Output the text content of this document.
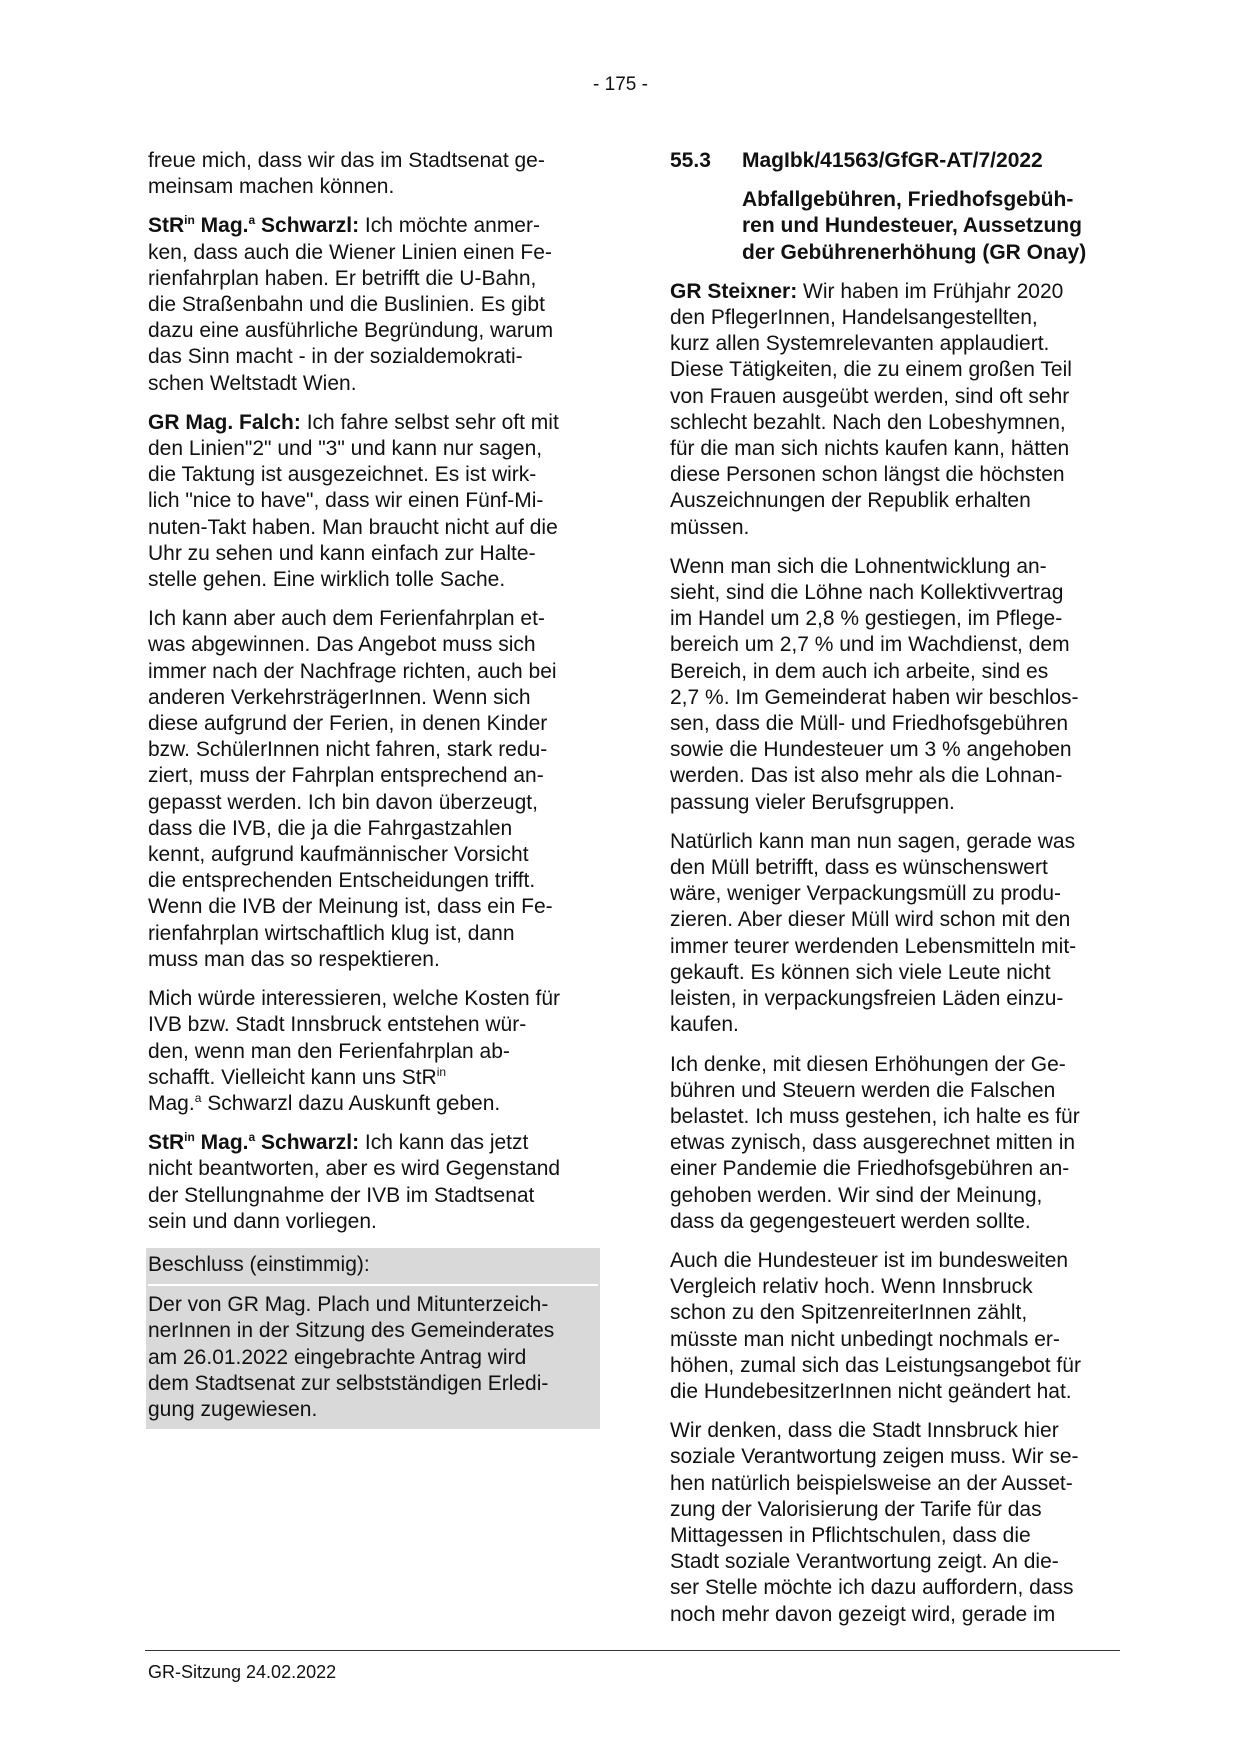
- 175 -

freue mich, dass wir das im Stadtsenat ge-
meinsam machen können.

StR$^{in}$ Mag.$^a$ Schwarzl: Ich möchte anmer-
ken, dass auch die Wiener Linien einen Fe-
rienfahrplan haben. Er betrifft die U-Bahn,
die Straßenbahn und die Buslinien. Es gibt
dazu eine ausführliche Begründung, warum
das Sinn macht - in der sozialdemokrati-
schen Weltstadt Wien.

GR Mag. Falch: Ich fahre selbst sehr oft mit
den Linien"2" und "3" und kann nur sagen,
die Taktung ist ausgezeichnet. Es ist wirk-
lich "nice to have", dass wir einen Fünf-Mi-
nuten-Takt haben. Man braucht nicht auf die
Uhr zu sehen und kann einfach zur Halte-
stelle gehen. Eine wirklich tolle Sache.

Ich kann aber auch dem Ferienfahrplan et-
was abgewinnen. Das Angebot muss sich
immer nach der Nachfrage richten, auch bei
anderen VerkehrsträgerInnen. Wenn sich
diese aufgrund der Ferien, in denen Kinder
bzw. SchülerInnen nicht fahren, stark redu-
ziert, muss der Fahrplan entsprechend an-
gepasst werden. Ich bin davon überzeugt,
dass die IVB, die ja die Fahrgastzahlen
kennt, aufgrund kaufmännischer Vorsicht
die entsprechenden Entscheidungen trifft.
Wenn die IVB der Meinung ist, dass ein Fe-
rienfahrplan wirtschaftlich klug ist, dann
muss man das so respektieren.

Mich würde interessieren, welche Kosten für
IVB bzw. Stadt Innsbruck entstehen wür-
den, wenn man den Ferienfahrplan ab-
schafft. Vielleicht kann uns StR$^{in}$
Mag.$^a$ Schwarzl dazu Auskunft geben.

StR$^{in}$ Mag.$^a$ Schwarzl: Ich kann das jetzt
nicht beantworten, aber es wird Gegenstand
der Stellungnahme der IVB im Stadtsenat
sein und dann vorliegen.

Beschluss (einstimmig):

Der von GR Mag. Plach und Mitunterzeich-
nerInnen in der Sitzung des Gemeinderates
am 26.01.2022 eingebrachte Antrag wird
dem Stadtsenat zur selbstständigen Erledi-
gung zugewiesen.

55.3 MagIbk/41563/GfGR-AT/7/2022
Abfallgebühren, Friedhofsgebüh-
ren und Hundesteuer, Aussetzung
der Gebührenerhöhung (GR Onay)

GR Steixner: Wir haben im Frühjahr 2020
den PflegerInnen, Handelsangestellten,
kurz allen Systemrelevanten applaudiert.
Diese Tätigkeiten, die zu einem großen Teil
von Frauen ausgeübt werden, sind oft sehr
schlecht bezahlt. Nach den Lobeshymnen,
für die man sich nichts kaufen kann, hätten
diese Personen schon längst die höchsten
Auszeichnungen der Republik erhalten
müssen.

Wenn man sich die Lohnentwicklung an-
sieht, sind die Löhne nach Kollektivvertrag
im Handel um 2,8 % gestiegen, im Pflege-
bereich um 2,7 % und im Wachdienst, dem
Bereich, in dem auch ich arbeite, sind es
2,7 %. Im Gemeinderat haben wir beschlos-
sen, dass die Müll- und Friedhofsgebühren
sowie die Hundesteuer um 3 % angehoben
werden. Das ist also mehr als die Lohnan-
passung vieler Berufsgruppen.

Natürlich kann man nun sagen, gerade was
den Müll betrifft, dass es wünschenswert
wäre, weniger Verpackungsmüll zu produ-
zieren. Aber dieser Müll wird schon mit den
immer teurer werdenden Lebensmitteln mit-
gekauft. Es können sich viele Leute nicht
leisten, in verpackungsfreien Läden einzu-
kaufen.

Ich denke, mit diesen Erhöhungen der Ge-
bühren und Steuern werden die Falschen
belastet. Ich muss gestehen, ich halte es für
etwas zynisch, dass ausgerechnet mitten in
einer Pandemie die Friedhofsgebühren an-
gehoben werden. Wir sind der Meinung,
dass da gegengesteuert werden sollte.

Auch die Hundesteuer ist im bundesweiten
Vergleich relativ hoch. Wenn Innsbruck
schon zu den SpitzenreiterInnen zählt,
müsste man nicht unbedingt nochmals er-
höhen, zumal sich das Leistungsangebot für
die HundebesitzerInnen nicht geändert hat.

Wir denken, dass die Stadt Innsbruck hier
soziale Verantwortung zeigen muss. Wir se-
hen natürlich beispielsweise an der Ausset-
zung der Valorisierung der Tarife für das
Mittagessen in Pflichtschulen, dass die
Stadt soziale Verantwortung zeigt. An die-
ser Stelle möchte ich dazu auffordern, dass
noch mehr davon gezeigt wird, gerade im

GR-Sitzung 24.02.2022
